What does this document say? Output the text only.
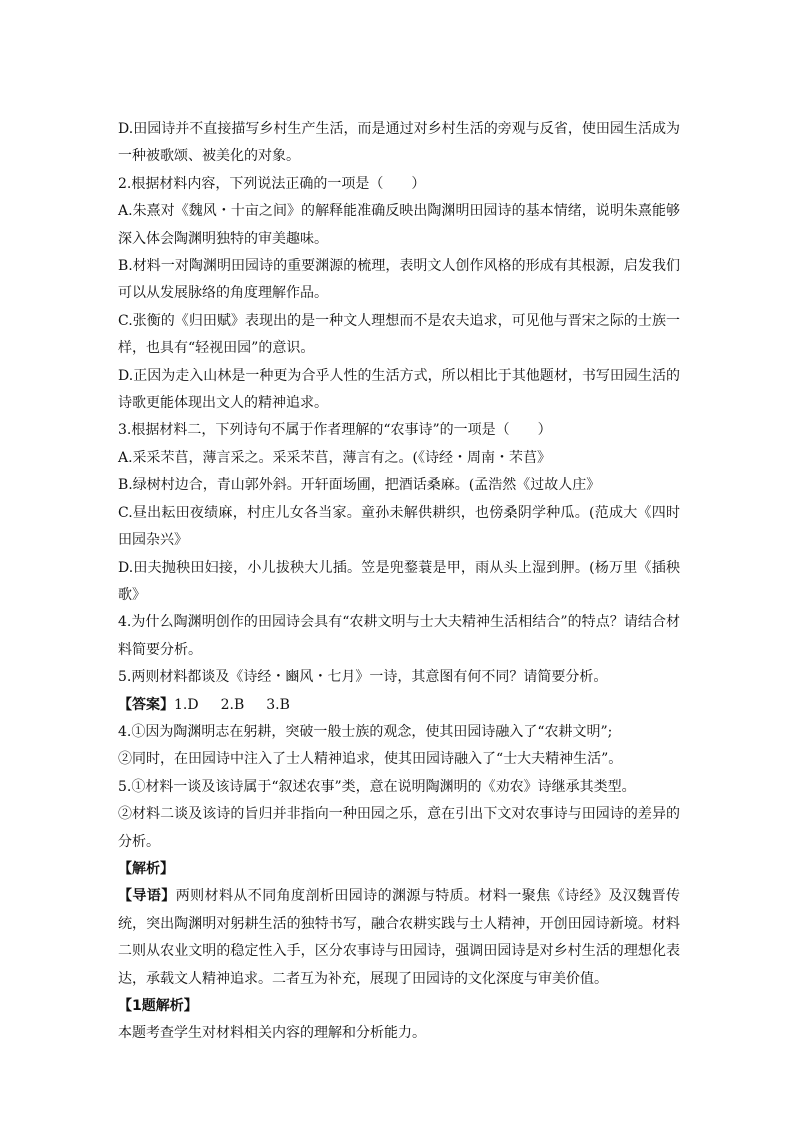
D.田园诗并不直接描写乡村生产生活，而是通过对乡村生活的旁观与反省，使田园生活成为一种被歌颂、被美化的对象。

2.根据材料内容，下列说法正确的一项是（　　）

A.朱熹对《魏风・十亩之间》的解释能准确反映出陶渊明田园诗的基本情绪，说明朱熹能够深入体会陶渊明独特的审美趣味。

B.材料一对陶渊明田园诗的重要渊源的梳理，表明文人创作风格的形成有其根源，启发我们可以从发展脉络的角度理解作品。

C.张衡的《归田赋》表现出的是一种文人理想而不是农夫追求，可见他与晋宋之际的士族一样，也具有“轻视田园”的意识。

D.正因为走入山林是一种更为合乎人性的生活方式，所以相比于其他题材，书写田园生活的诗歌更能体现出文人的精神追求。

3.根据材料二，下列诗句不属于作者理解的“农事诗”的一项是（　　）

A.采采芣苢，薄言采之。采采芣苢，薄言有之。(《诗经・周南・芣苢》

B.绿树村边合，青山郭外斜。开轩面场圃，把酒话桑麻。(孟浩然《过故人庄》

C.昼出耘田夜绩麻，村庄儿女各当家。童孙未解供耕织，也傍桑阴学种瓜。(范成大《四时田园杂兴》

D.田夫抛秧田妇接，小儿拔秧大儿插。笠是兜鍪蓑是甲，雨从头上湿到胛。(杨万里《插秧歌》

4.为什么陶渊明创作的田园诗会具有“农耕文明与士大夫精神生活相结合”的特点？请结合材料简要分析。

5.两则材料都谈及《诗经・豳风・七月》一诗，其意图有何不同？请简要分析。

【答案】1.D 2.B 3.B

4.①因为陶渊明志在躬耕，突破一般士族的观念，使其田园诗融入了“农耕文明”;

②同时，在田园诗中注入了士人精神追求，使其田园诗融入了“士大夫精神生活”。

5.①材料一谈及该诗属于“叙述农事”类，意在说明陶渊明的《劝农》诗继承其类型。

②材料二谈及该诗的旨归并非指向一种田园之乐，意在引出下文对农事诗与田园诗的差异的分析。

【解析】

【导语】两则材料从不同角度剖析田园诗的渊源与特质。材料一聚焦《诗经》及汉魏晋传统，突出陶渊明对躬耕生活的独特书写，融合农耕实践与士人精神，开创田园诗新境。材料二则从农业文明的稳定性入手，区分农事诗与田园诗，强调田园诗是对乡村生活的理想化表达，承载文人精神追求。二者互为补充，展现了田园诗的文化深度与审美价值。

【1题解析】

本题考查学生对材料相关内容的理解和分析能力。
